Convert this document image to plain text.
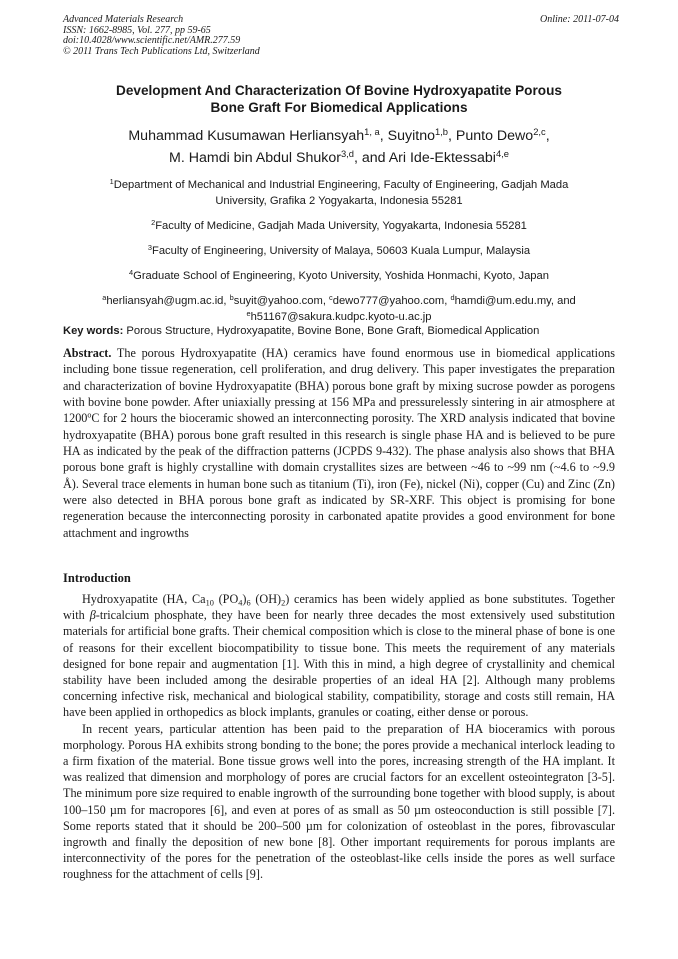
Advanced Materials Research
ISSN: 1662-8985, Vol. 277, pp 59-65
doi:10.4028/www.scientific.net/AMR.277.59
© 2011 Trans Tech Publications Ltd, Switzerland
Online: 2011-07-04
Development And Characterization Of Bovine Hydroxyapatite Porous
Bone Graft For Biomedical Applications
Muhammad Kusumawan Herliansyah$^{1, a}$, Suyitno$^{1,b}$, Punto Dewo$^{2,c}$,
M. Hamdi bin Abdul Shukor$^{3,d}$, and Ari Ide-Ektessabi$^{4,e}$
$^1$Department of Mechanical and Industrial Engineering, Faculty of Engineering, Gadjah Mada
University, Grafika 2 Yogyakarta, Indonesia 55281
$^2$Faculty of Medicine, Gadjah Mada University, Yogyakarta, Indonesia 55281
$^3$Faculty of Engineering, University of Malaya, 50603 Kuala Lumpur, Malaysia
$^4$Graduate School of Engineering, Kyoto University, Yoshida Honmachi, Kyoto, Japan
$^a$herliansyah@ugm.ac.id, $^b$suyit@yahoo.com, $^c$dewo777@yahoo.com, $^d$hamdi@um.edu.my, and
$^e$h51167@sakura.kudpc.kyoto-u.ac.jp
Key words: Porous Structure, Hydroxyapatite, Bovine Bone, Bone Graft, Biomedical Application
Abstract. The porous Hydroxyapatite (HA) ceramics have found enormous use in biomedical applications including bone tissue regeneration, cell proliferation, and drug delivery. This paper investigates the preparation and characterization of bovine Hydroxyapatite (BHA) porous bone graft by mixing sucrose powder as porogens with bovine bone powder. After uniaxially pressing at 156 MPa and pressurelessly sintering in air atmosphere at 1200$^o$C for 2 hours the bioceramic showed an interconnecting porosity. The XRD analysis indicated that bovine hydroxyapatite (BHA) porous bone graft resulted in this research is single phase HA and is believed to be pure HA as indicated by the peak of the diffraction patterns (JCPDS 9-432). The phase analysis also shows that BHA porous bone graft is highly crystalline with domain crystallites sizes are between ~46 to ~99 nm (~4.6 to ~9.9 Å). Several trace elements in human bone such as titanium (Ti), iron (Fe), nickel (Ni), copper (Cu) and Zinc (Zn) were also detected in BHA porous bone graft as indicated by SR-XRF. This object is promising for bone regeneration because the interconnecting porosity in carbonated apatite provides a good environment for bone attachment and ingrowths
Introduction

Hydroxyapatite (HA, $Ca_{10}$ $(PO_4)_6$ $(OH)_2$) ceramics has been widely applied as bone substitutes. Together with β-tricalcium phosphate, they have been for nearly three decades the most extensively used substitution materials for artificial bone grafts. Their chemical composition which is close to the mineral phase of bone is one of reasons for their excellent biocompatibility to tissue bone. This meets the requirement of any materials designed for bone repair and augmentation [1]. With this in mind, a high degree of crystallinity and chemical stability have been included among the desirable properties of an ideal HA [2]. Although many problems concerning infective risk, mechanical and biological stability, compatibility, storage and costs still remain, HA have been applied in orthopedics as block implants, granules or coating, either dense or porous.

In recent years, particular attention has been paid to the preparation of HA bioceramics with porous morphology. Porous HA exhibits strong bonding to the bone; the pores provide a mechanical interlock leading to a firm fixation of the material. Bone tissue grows well into the pores, increasing strength of the HA implant. It was realized that dimension and morphology of pores are crucial factors for an excellent osteointegraton [3-5]. The minimum pore size required to enable ingrowth of the surrounding bone together with blood supply, is about 100–150 µm for macropores [6], and even at pores of as small as 50 µm osteoconduction is still possible [7]. Some reports stated that it should be 200–500 µm for colonization of osteoblast in the pores, fibrovascular ingrowth and finally the deposition of new bone [8]. Other important requirements for porous implants are interconnectivity of the pores for the penetration of the osteoblast-like cells inside the pores as well surface roughness for the attachment of cells [9].
